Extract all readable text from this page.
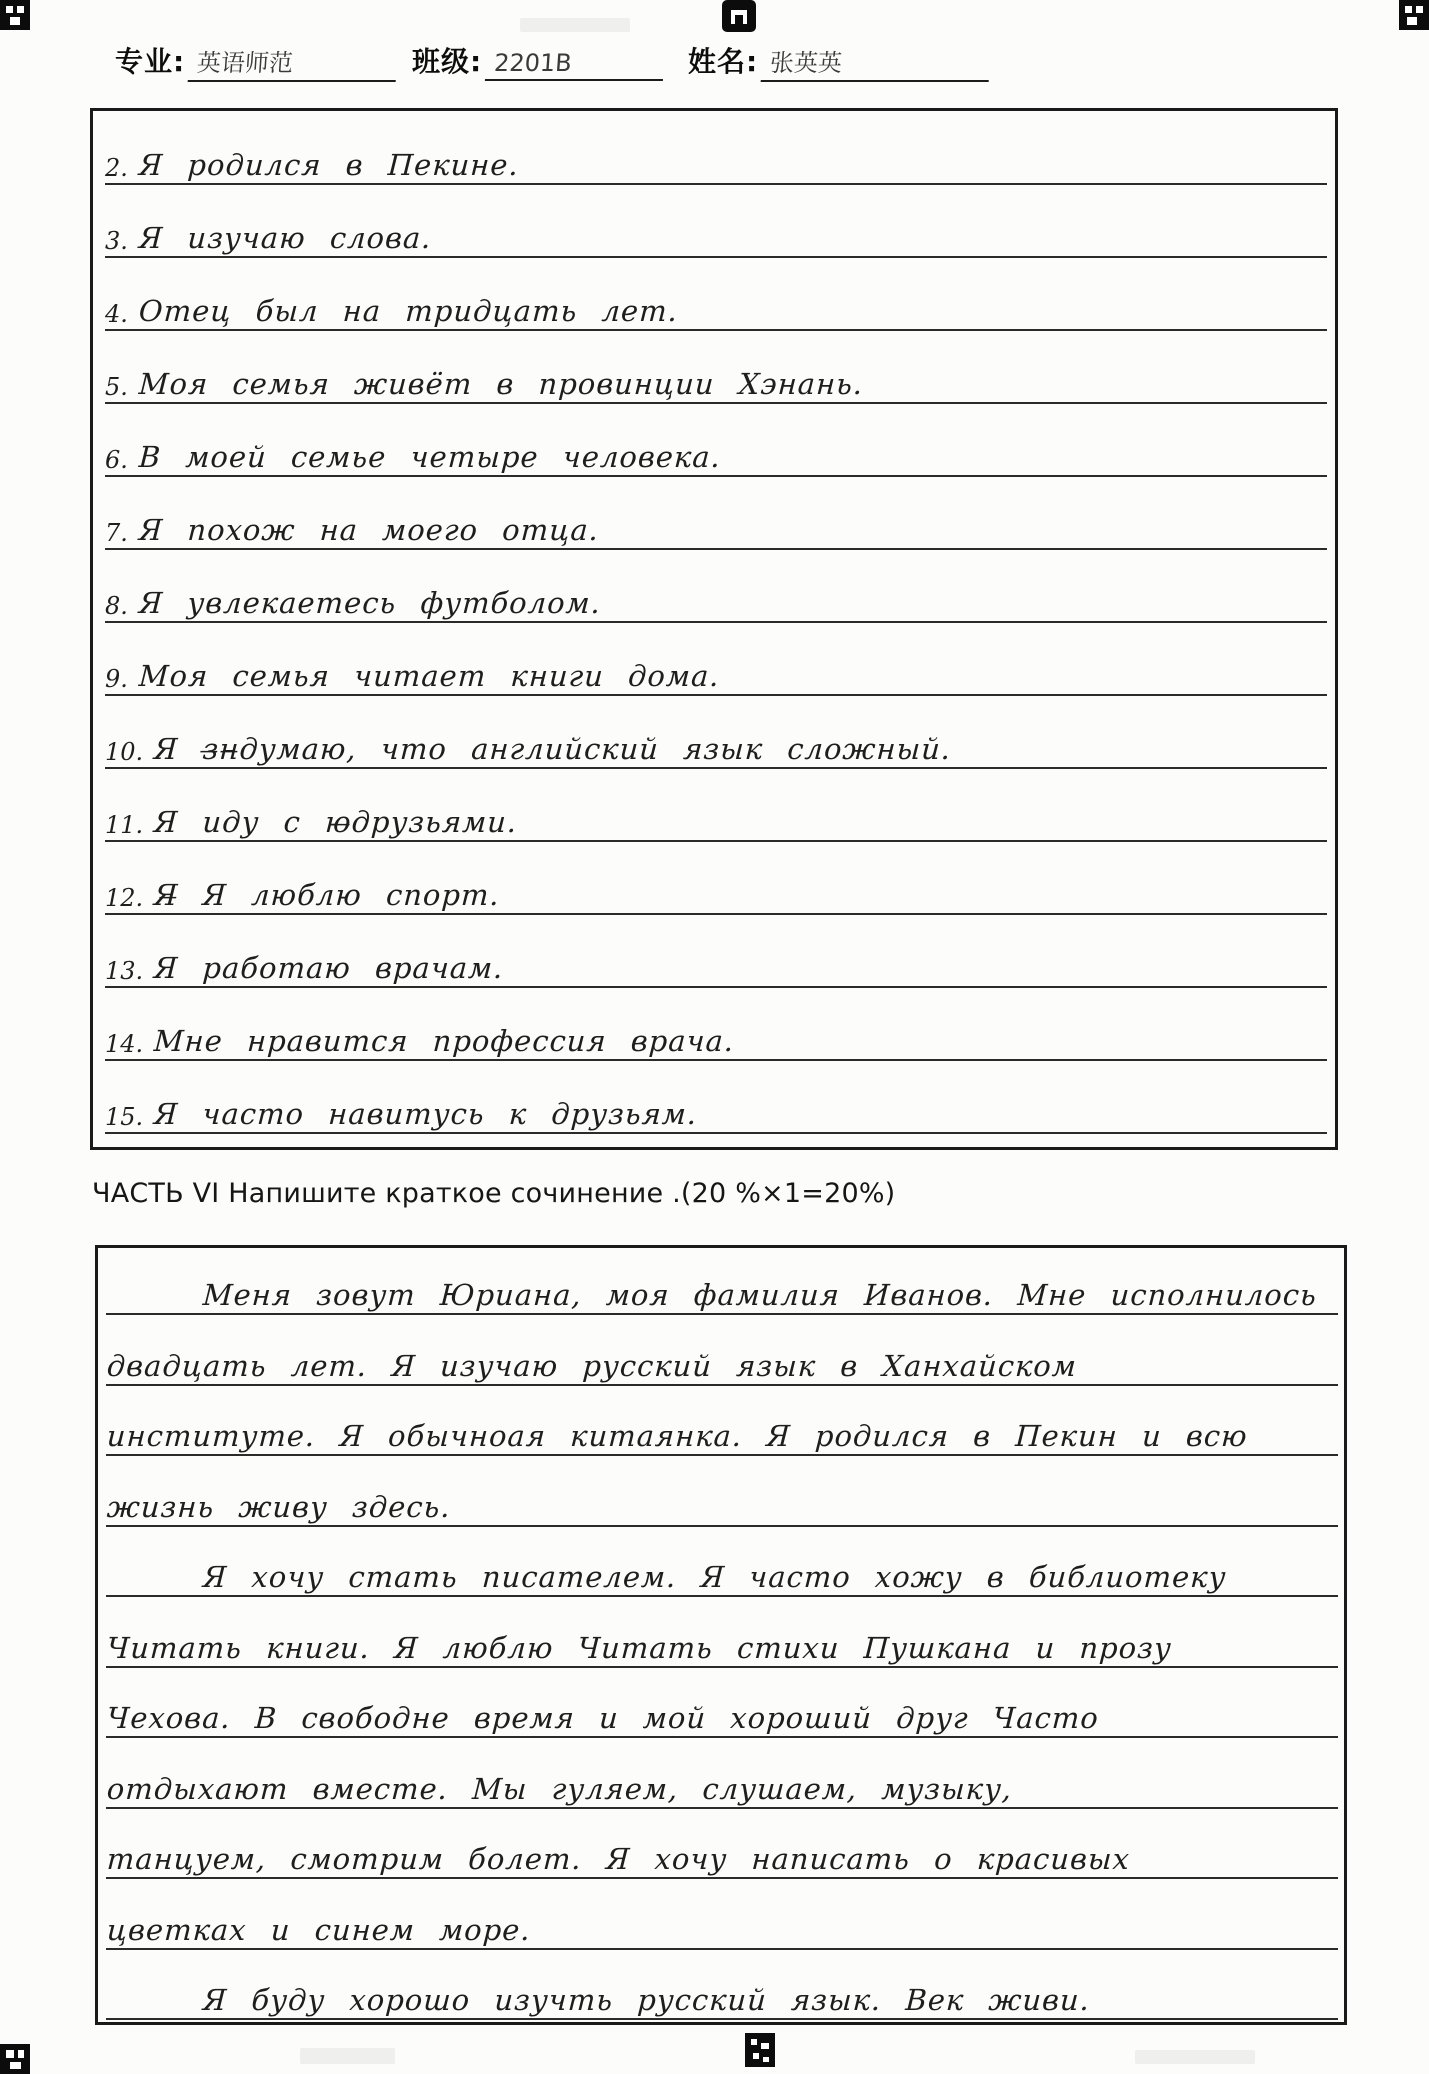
专业: 英语师范	班级: 2201B	姓名: 张英英
2. Я родился в Пекине.
3. Я изучаю слова.
4. Отец был на тридцать лет.
5. Моя семья живёт в провинции Хэнань.
6. В моей семье четыре человека.
7. Я похож на моего отца.
8. Я увлекаетесь футболом.
9. Моя семья читает книги дома.
10. Я з̶н̶думаю, что английский язык сложный.
11. Я иду с ю̶друзьями.
12. Я̶ Я люблю спорт.
13. Я работаю врачам.
14. Мне нравится профессия врача.
15. Я часто навитусь к друзьям.
ЧАСТЬ VI Напишите краткое сочинение .(20 %×1=20%)
Меня зовут Юриана, моя фамилия Иванов. Мне исполнилось
двадцать лет. Я изучаю русский язык в Ханхайском
институте. Я обычноая китаянка. Я родился в Пекин и всю
жизнь живу здесь.
Я хочу стать писателем. Я часто хожу в библиотеку
Читать книги. Я люблю Читать стихи Пушкана и прозу
Чехова. В свободне время и мой хороший друг Часто
отдыхают вместе. Мы гуляем, слушаем, музыку,
танцуем, смотрим болет. Я хочу написать о красивых
цветках и синем море.
Я буду хорошо изучть русский язык. Век живи.
